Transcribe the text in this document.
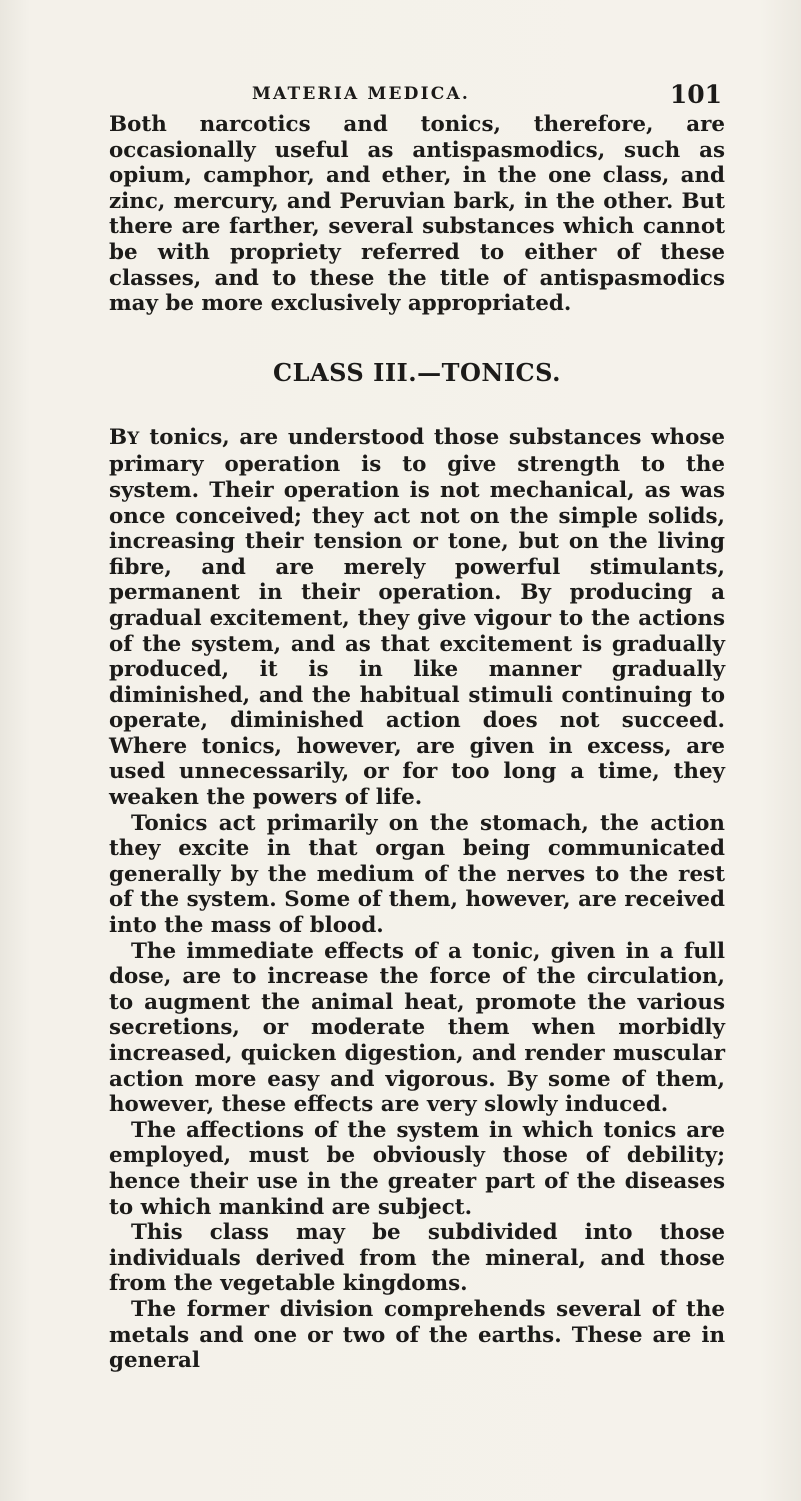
MATERIA MEDICA.	101

Both narcotics and tonics, therefore, are occasionally useful as antispasmodics, such as opium, camphor, and ether, in the one class, and zinc, mercury, and Peruvian bark, in the other. But there are farther, several substances which cannot be with propriety referred to either of these classes, and to these the title of antispasmodics may be more exclusively appropriated.

CLASS III.—TONICS.

BY tonics, are understood those substances whose primary operation is to give strength to the system. Their operation is not mechanical, as was once conceived; they act not on the simple solids, increasing their tension or tone, but on the living fibre, and are merely powerful stimulants, permanent in their operation. By producing a gradual excitement, they give vigour to the actions of the system, and as that excitement is gradually produced, it is in like manner gradually diminished, and the habitual stimuli continuing to operate, diminished action does not succeed. Where tonics, however, are given in excess, are used unnecessarily, or for too long a time, they weaken the powers of life.

Tonics act primarily on the stomach, the action they excite in that organ being communicated generally by the medium of the nerves to the rest of the system. Some of them, however, are received into the mass of blood.

The immediate effects of a tonic, given in a full dose, are to increase the force of the circulation, to augment the animal heat, promote the various secretions, or moderate them when morbidly increased, quicken digestion, and render muscular action more easy and vigorous. By some of them, however, these effects are very slowly induced.

The affections of the system in which tonics are employed, must be obviously those of debility; hence their use in the greater part of the diseases to which mankind are subject.

This class may be subdivided into those individuals derived from the mineral, and those from the vegetable kingdoms.

The former division comprehends several of the metals and one or two of the earths. These are in general
